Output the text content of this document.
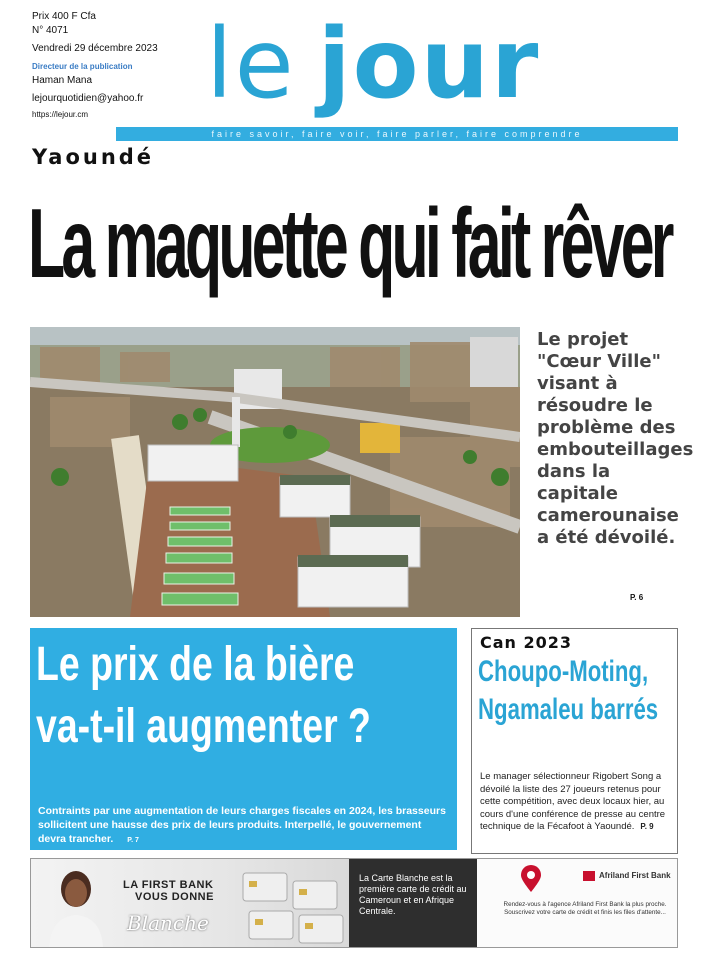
Prix 400 F Cfa
N° 4071
Vendredi 29 décembre 2023
Directeur de la publication
Haman Mana
lejourquotidien@yahoo.fr
https://lejour.cm	le jour
faire savoir, faire voir, faire parler, faire comprendre
Yaoundé
La maquette qui fait rêver
Le projet "Cœur Ville" visant à résoudre le problème des embouteillages dans la capitale camerounaise a été dévoilé.
P. 6
Le prix de la bière
va-t-il augmenter ?
Contraints par une augmentation de leurs charges fiscales en 2024, les brasseurs sollicitent une hausse des prix de leurs produits. Interpellé, le gouvernement devra trancher. P. 7
Can 2023
Choupo-Moting,
Ngamaleu barrés
Le manager sélectionneur Rigobert Song a dévoilé la liste des 27 joueurs retenus pour cette compétition, avec deux locaux hier, au cours d'une conférence de presse au centre technique de la Fécafoot à Yaoundé. P. 9
LA FIRST BANK
VOUS DONNE
Blanche
La Carte Blanche est la première carte de crédit au Cameroun et en Afrique Centrale.
Afriland First Bank
Rendez-vous à l'agence Afriland First Bank la plus proche. Souscrivez votre carte de crédit et finis les files d'attente...
